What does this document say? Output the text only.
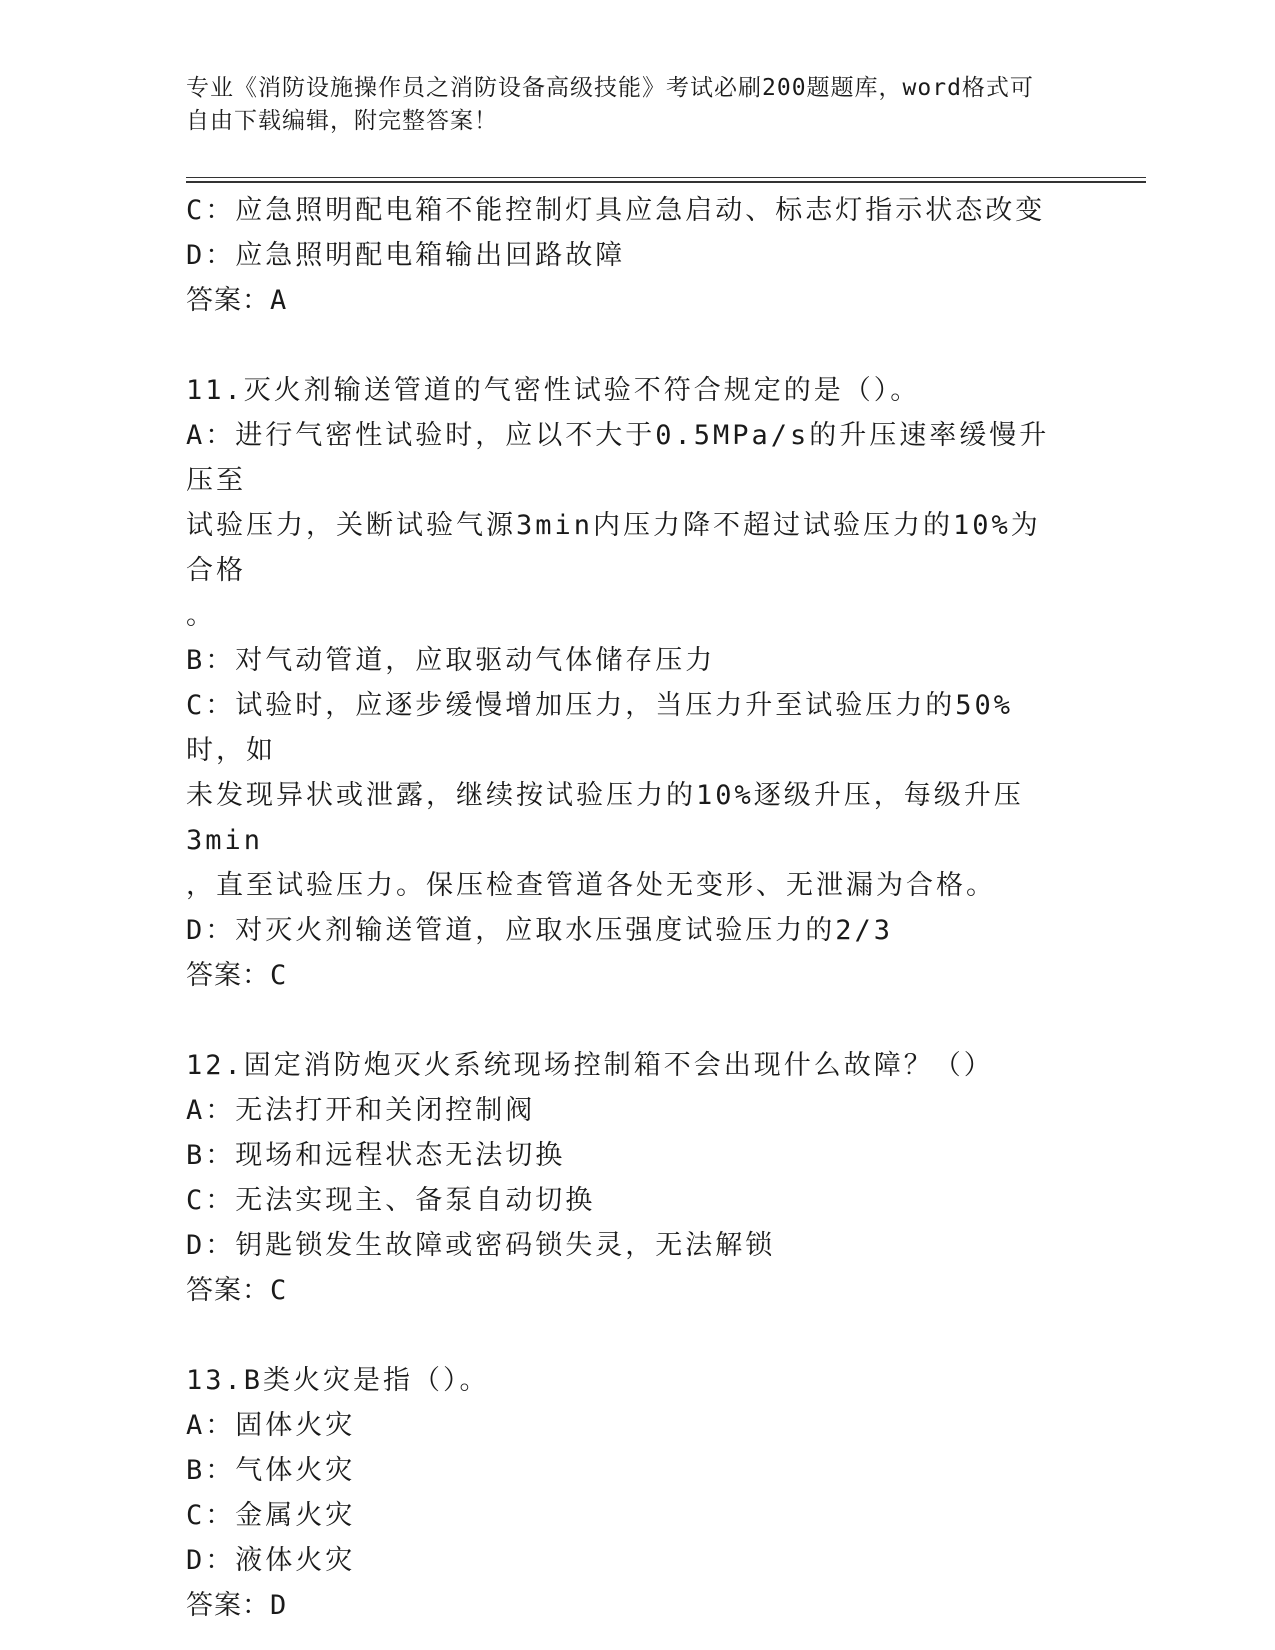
专业《消防设施操作员之消防设备高级技能》考试必刷200题题库，word格式可
自由下载编辑，附完整答案！
C：应急照明配电箱不能控制灯具应急启动、标志灯指示状态改变
D：应急照明配电箱输出回路故障
答案：A
11.灭火剂输送管道的气密性试验不符合规定的是（）。
A：进行气密性试验时，应以不大于0.5MPa/s的升压速率缓慢升压至
试验压力，关断试验气源3min内压力降不超过试验压力的10%为合格
。
B：对气动管道，应取驱动气体储存压力
C：试验时，应逐步缓慢增加压力，当压力升至试验压力的50%时，如
未发现异状或泄露，继续按试验压力的10%逐级升压，每级升压3min
，直至试验压力。保压检查管道各处无变形、无泄漏为合格。
D：对灭火剂输送管道，应取水压强度试验压力的2/3
答案：C
12.固定消防炮灭火系统现场控制箱不会出现什么故障？（）
A：无法打开和关闭控制阀
B：现场和远程状态无法切换
C：无法实现主、备泵自动切换
D：钥匙锁发生故障或密码锁失灵，无法解锁
答案：C
13.B类火灾是指（）。
A：固体火灾
B：气体火灾
C：金属火灾
D：液体火灾
答案：D
